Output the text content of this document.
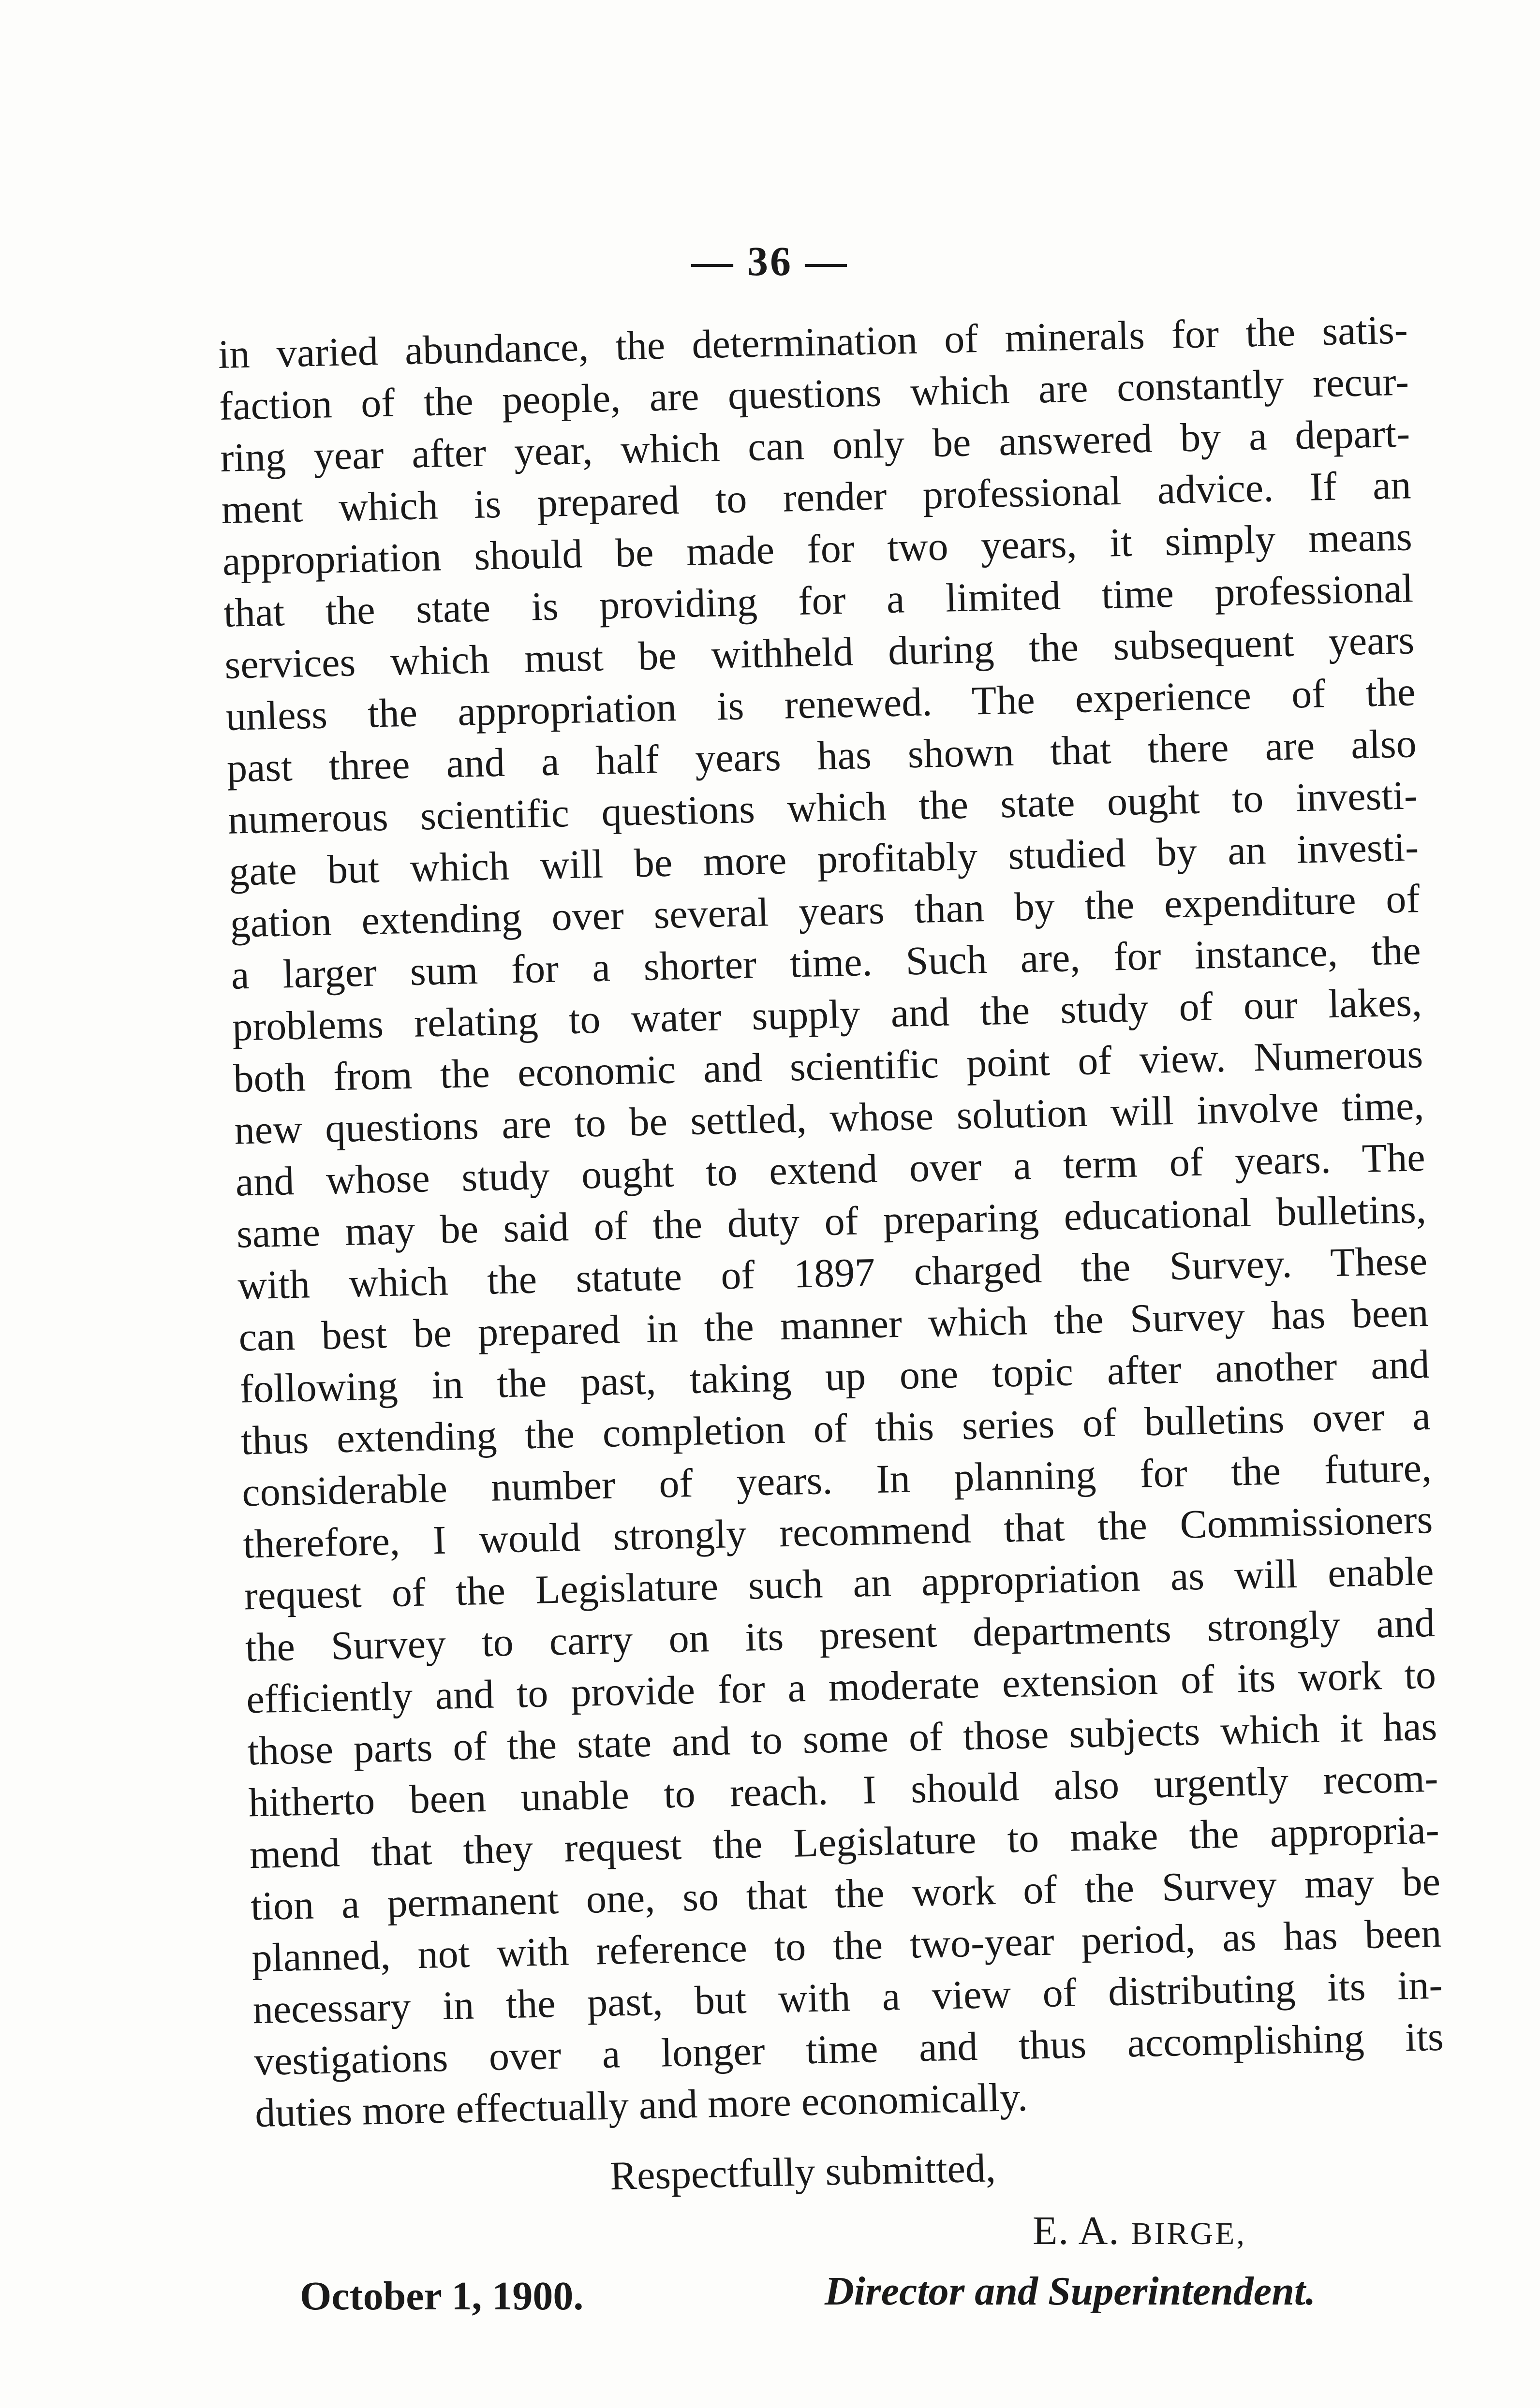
— 36 —
in varied abundance, the determination of minerals for the satis-
faction of the people, are questions which are constantly recur-
ring year after year, which can only be answered by a depart-
ment which is prepared to render professional advice. If an
appropriation should be made for two years, it simply means
that the state is providing for a limited time professional
services which must be withheld during the subsequent years
unless the appropriation is renewed. The experience of the
past three and a half years has shown that there are also
numerous scientific questions which the state ought to investi-
gate but which will be more profitably studied by an investi-
gation extending over several years than by the expenditure of
a larger sum for a shorter time. Such are, for instance, the
problems relating to water supply and the study of our lakes,
both from the economic and scientific point of view. Numerous
new questions are to be settled, whose solution will involve time,
and whose study ought to extend over a term of years. The
same may be said of the duty of preparing educational bulletins,
with which the statute of 1897 charged the Survey. These
can best be prepared in the manner which the Survey has been
following in the past, taking up one topic after another and
thus extending the completion of this series of bulletins over a
considerable number of years. In planning for the future,
therefore, I would strongly recommend that the Commissioners
request of the Legislature such an appropriation as will enable
the Survey to carry on its present departments strongly and
efficiently and to provide for a moderate extension of its work to
those parts of the state and to some of those subjects which it has
hitherto been unable to reach. I should also urgently recom-
mend that they request the Legislature to make the appropria-
tion a permanent one, so that the work of the Survey may be
planned, not with reference to the two-year period, as has been
necessary in the past, but with a view of distributing its in-
vestigations over a longer time and thus accomplishing its
duties more effectually and more economically.
Respectfully submitted,
E. A. BIRGE,
October 1, 1900.	Director and Superintendent.
